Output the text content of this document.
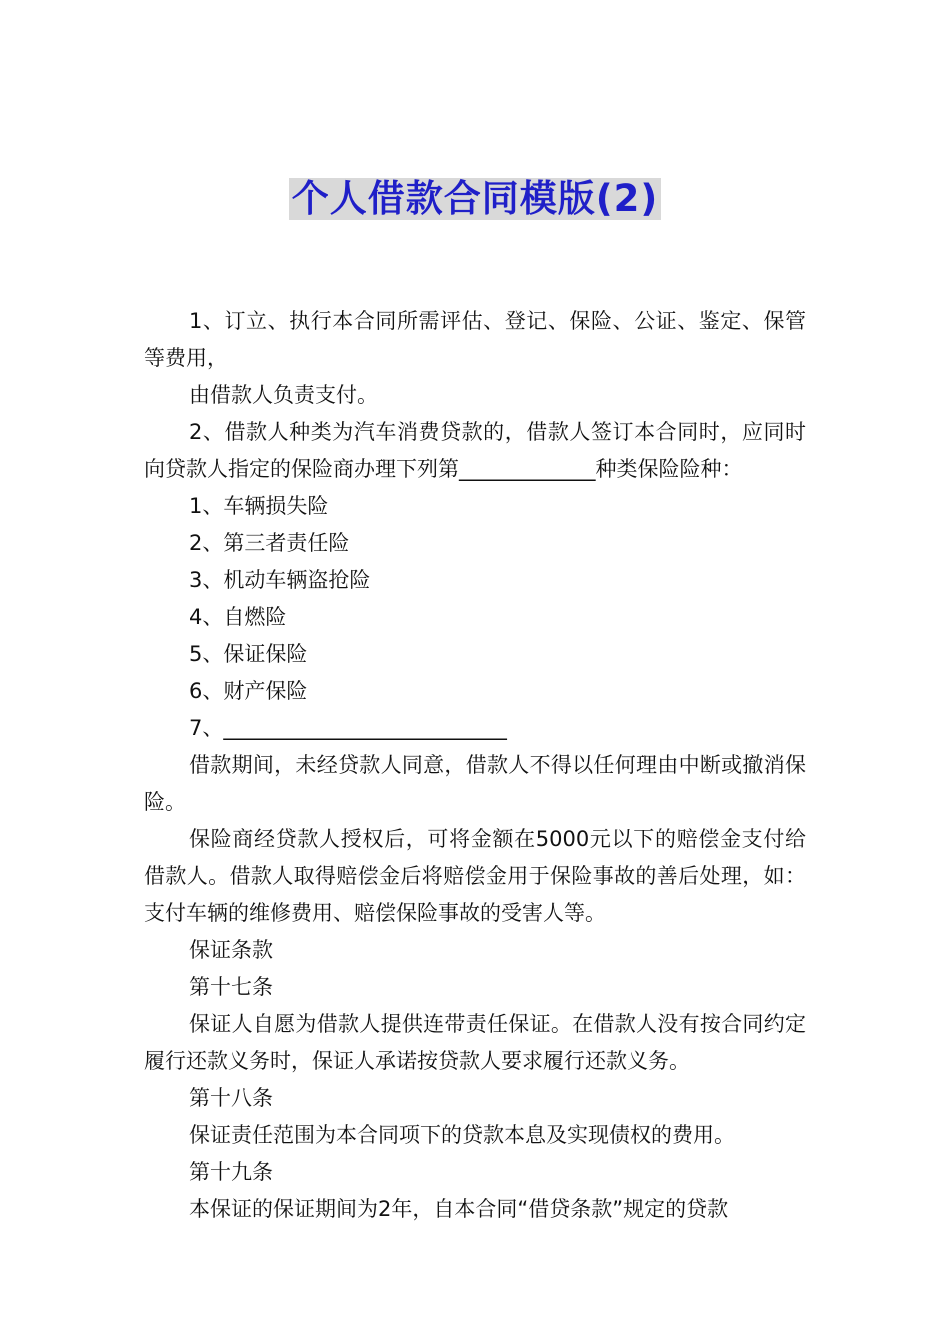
个人借款合同模版(2)

1、订立、执行本合同所需评估、登记、保险、公证、鉴定、保管等费用，

由借款人负责支付。

2、借款人种类为汽车消费贷款的，借款人签订本合同时，应同时向贷款人指定的保险商办理下列第_____________种类保险险种：

1、车辆损失险

2、第三者责任险

3、机动车辆盗抢险

4、自燃险

5、保证保险

6、财产保险

7、___________________________

借款期间，未经贷款人同意，借款人不得以任何理由中断或撤消保险。

保险商经贷款人授权后，可将金额在5000元以下的赔偿金支付给借款人。借款人取得赔偿金后将赔偿金用于保险事故的善后处理，如：支付车辆的维修费用、赔偿保险事故的受害人等。

保证条款

第十七条

保证人自愿为借款人提供连带责任保证。在借款人没有按合同约定履行还款义务时，保证人承诺按贷款人要求履行还款义务。

第十八条

保证责任范围为本合同项下的贷款本息及实现债权的费用。

第十九条

本保证的保证期间为2年，自本合同“借贷条款”规定的贷款
